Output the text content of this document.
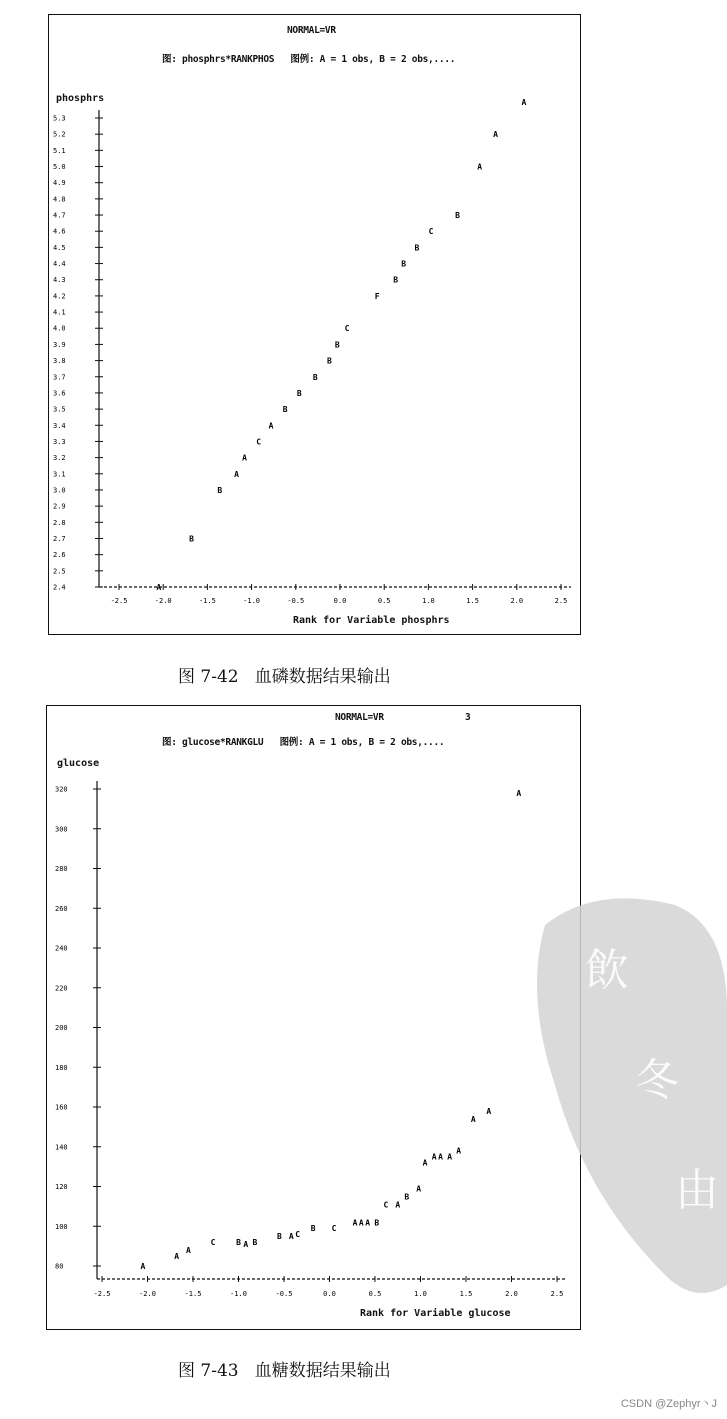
NORMAL=VR
图: phosphrs*RANKPHOS   图例: A = 1 obs, B = 2 obs,....
phosphrs
Rank for Variable phosphrs
2.4
2.5
2.6
2.7
2.8
2.9
3.0
3.1
3.2
3.3
3.4
3.5
3.6
3.7
3.8
3.9
4.0
4.1
4.2
4.3
4.4
4.5
4.6
4.7
4.8
4.9
5.0
5.1
5.2
5.3
-2.5	-2.0	-1.5	-1.0	-0.5	0.0	0.5	1.0	1.5	2.0	2.5
A
B
B
A
A
C
A
B
B
B
B
B
C
F
B
B
B
C
B
A
A
A
图 7-42   血磷数据结果输出
NORMAL=VR	3
图: glucose*RANKGLU   图例: A = 1 obs, B = 2 obs,....
glucose
Rank for Variable glucose
80
100
120
140
160
180
200
220
240
260
280
300
320
-2.5	-2.0	-1.5	-1.0	-0.5	0.0	0.5	1.0	1.5	2.0	2.5
A
A
A
C	B A B
B A C
B C
A A A B
C A
B
A
A
A A A
A
A
A
A
图 7-43   血糖数据结果输出
飲
冬
由
CSDN @Zephyr丶J
